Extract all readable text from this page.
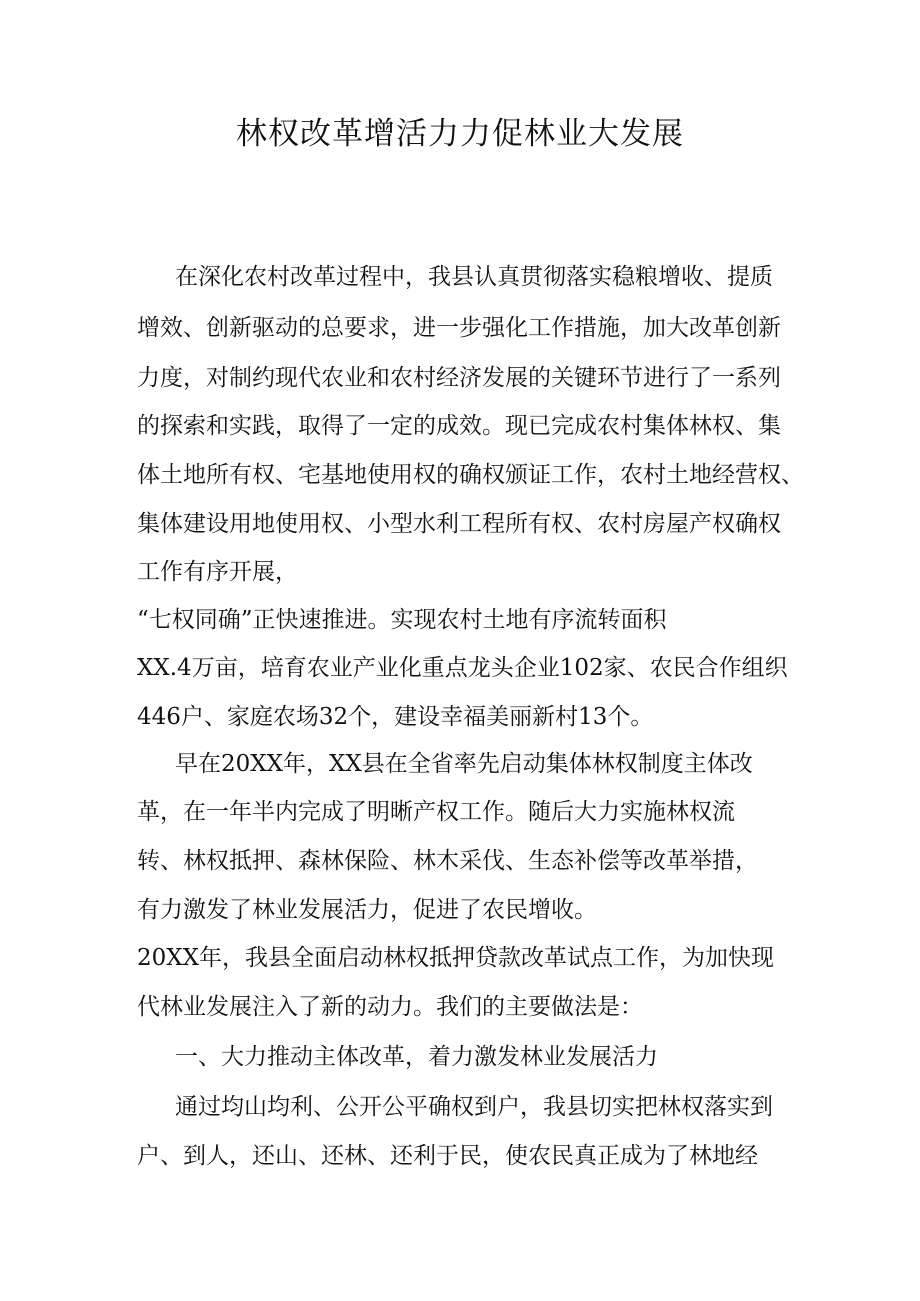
林权改革增活力力促林业大发展
在深化农村改革过程中，我县认真贯彻落实稳粮增收、提质
增效、创新驱动的总要求，进一步强化工作措施，加大改革创新
力度，对制约现代农业和农村经济发展的关键环节进行了一系列
的探索和实践，取得了一定的成效。现已完成农村集体林权、集
体土地所有权、宅基地使用权的确权颁证工作，农村土地经营权、
集体建设用地使用权、小型水利工程所有权、农村房屋产权确权
工作有序开展，
“七权同确”正快速推进。实现农村土地有序流转面积
XX.4万亩，培育农业产业化重点龙头企业102家、农民合作组织
446户、家庭农场32个，建设幸福美丽新村13个。
早在20XX年，XX县在全省率先启动集体林权制度主体改
革，在一年半内完成了明晰产权工作。随后大力实施林权流
转、林权抵押、森林保险、林木采伐、生态补偿等改革举措，
有力激发了林业发展活力，促进了农民增收。
20XX年，我县全面启动林权抵押贷款改革试点工作，为加快现
代林业发展注入了新的动力。我们的主要做法是：
一、大力推动主体改革，着力激发林业发展活力
通过均山均利、公开公平确权到户，我县切实把林权落实到
户、到人，还山、还林、还利于民，使农民真正成为了林地经
